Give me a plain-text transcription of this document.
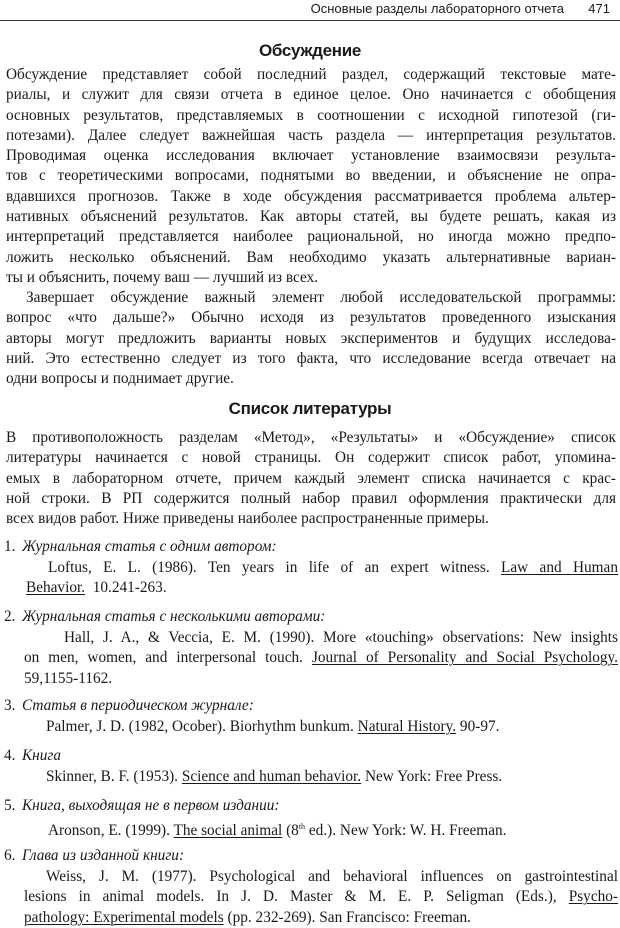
Основные разделы лабораторного отчета 471
Обсуждение
Обсуждение представляет собой последний раздел, содержащий текстовые мате-
риалы, и служит для связи отчета в единое целое. Оно начинается с обобщения
основных результатов, представляемых в соотношении с исходной гипотезой (ги-
потезами). Далее следует важнейшая часть раздела — интерпретация результатов.
Проводимая оценка исследования включает установление взаимосвязи результа-
тов с теоретическими вопросами, поднятыми во введении, и объяснение не опра-
вдавшихся прогнозов. Также в ходе обсуждения рассматривается проблема альтер-
нативных объяснений результатов. Как авторы статей, вы будете решать, какая из
интерпретаций представляется наиболее рациональной, но иногда можно предпо-
ложить несколько объяснений. Вам необходимо указать альтернативные вариан-
ты и объяснить, почему ваш — лучший из всех.
Завершает обсуждение важный элемент любой исследовательской программы:
вопрос «что дальше?» Обычно исходя из результатов проведенного изыскания
авторы могут предложить варианты новых экспериментов и будущих исследова-
ний. Это естественно следует из того факта, что исследование всегда отвечает на
одни вопросы и поднимает другие.
Список литературы
В противоположность разделам «Метод», «Результаты» и «Обсуждение» список
литературы начинается с новой страницы. Он содержит список работ, упомина-
емых в лабораторном отчете, причем каждый элемент списка начинается с крас-
ной строки. В РП содержится полный набор правил оформления практически для
всех видов работ. Ниже приведены наиболее распространенные примеры.
1. Журнальная статья с одним автором:
Loftus, E. L. (1986). Ten years in life of an expert witness. Law and Human
Behavior. 10.241-263.
2. Журнальная статья с несколькими авторами:
Hall, J. A., & Veccia, E. M. (1990). More «touching» observations: New insights
on men, women, and interpersonal touch. Journal of Personality and Social Psychology.
59,1155-1162.
3. Статья в периодическом журнале:
Palmer, J. D. (1982, Ocober). Biorhythm bunkum. Natural History. 90-97.
4. Книга
Skinner, B. F. (1953). Science and human behavior. New York: Free Press.
5. Книга, выходящая не в первом издании:
Aronson, E. (1999). The social animal (8th ed.). New York: W. H. Freeman.
6. Глава из изданной книги:
Weiss, J. M. (1977). Psychological and behavioral influences on gastrointestinal
lesions in animal models. In J. D. Master & M. E. P. Seligman (Eds.), Psycho-
pathology: Experimental models (pp. 232-269). San Francisco: Freeman.
